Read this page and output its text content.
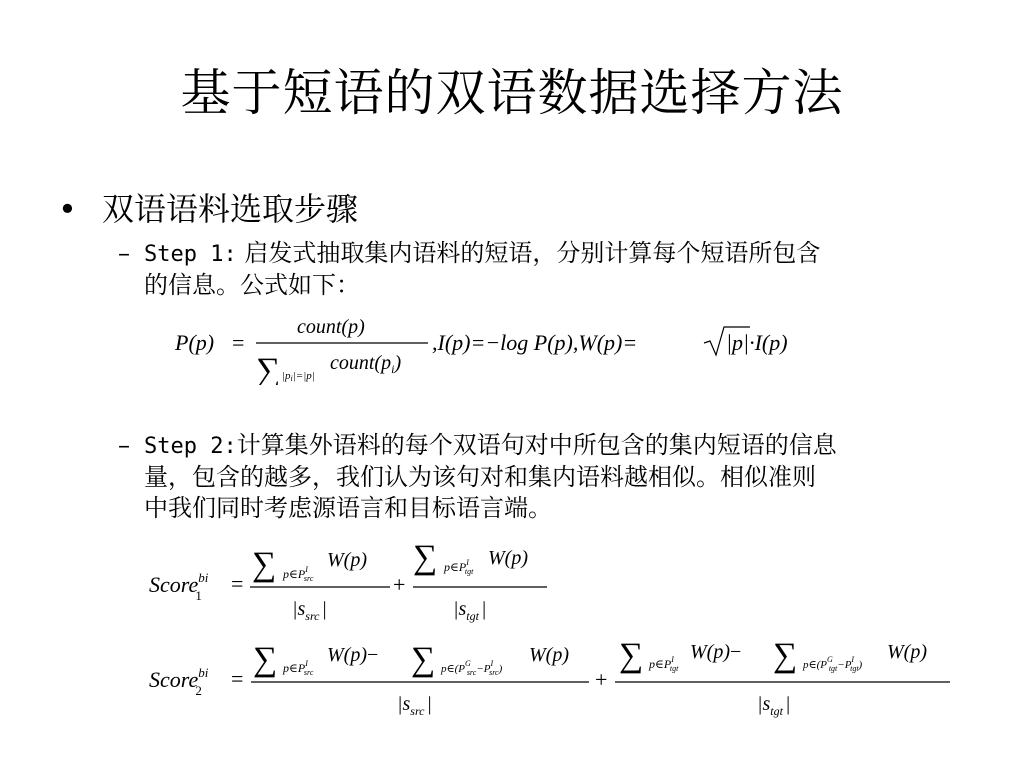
基于短语的双语数据选择方法
• 双语语料选取步骤
– Step 1: 启发式抽取集内语料的短语，分别计算每个短语所包含
的信息。公式如下：
P(p) =
count(p)
∑ |pi|=|p|
$count(p_i)$
,I(p)=−log P(p),W(p)=	|p|·I(p)
– Step 2:计算集外语料的每个双语句对中所包含的集内短语的信息
量，包含的越多，我们认为该句对和集内语料越相似。相似准则
中我们同时考虑源语言和目标语言端。
Score$^{bi}$ 1	=
∑ $p\in P^I$ src
W(p)
$|s_{src}$ |
+
∑ $p\in P^I$ tgt
W(p)
$|s_{tgt}$ |
Score$^{bi}$ 2	=
∑ $p\in P^I$ src
W(p)− ∑ $p\in(P^G$ $src-P^I$ src)
W(p)
$|s_{src}$ |
+
∑ $p\in P^I$ tgt
W(p)− ∑ $p\in(P^G$ $tgt-P^I$ tgt)
W(p)
$|s_{tgt}$ |
